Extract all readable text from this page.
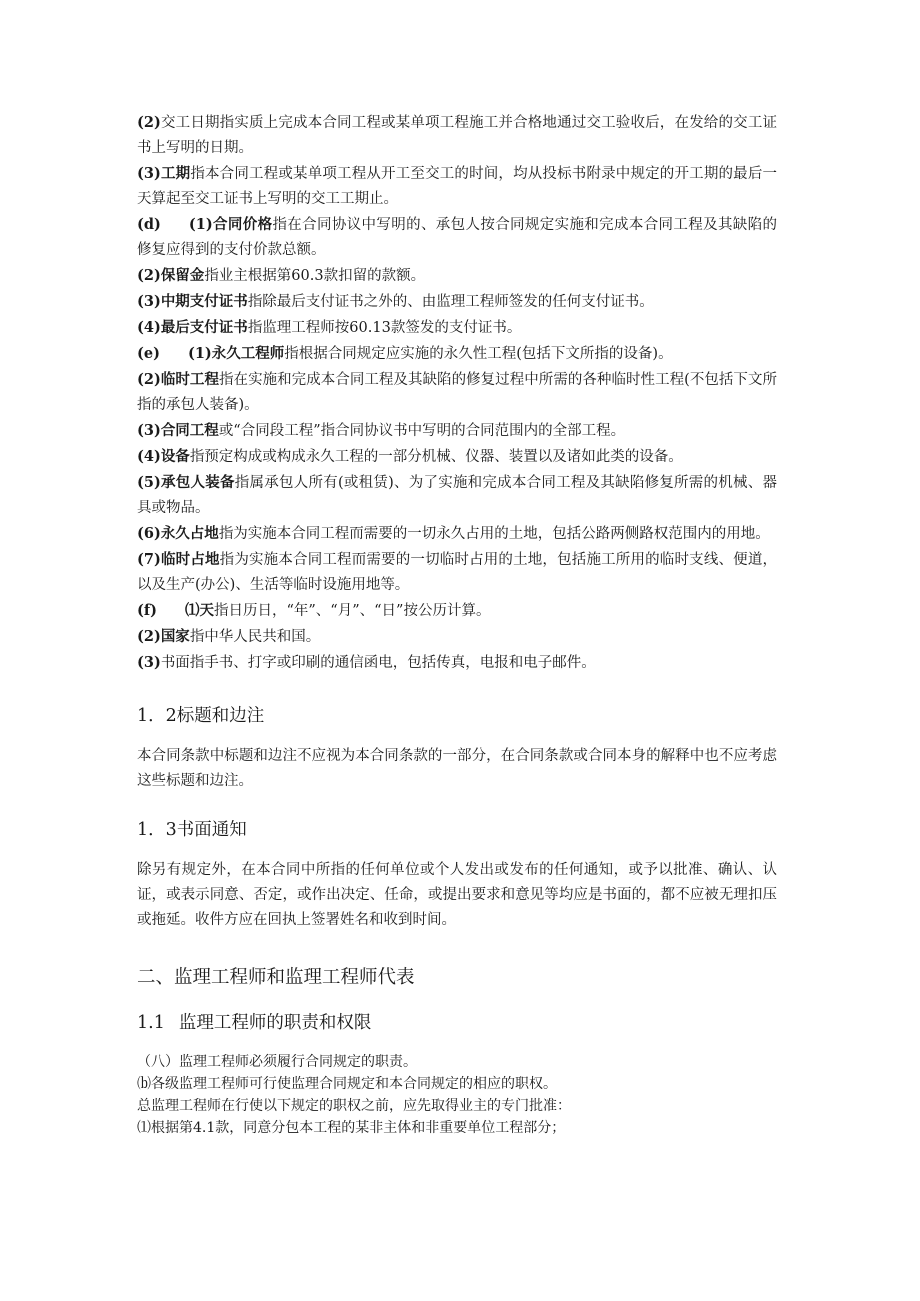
(2)交工日期指实质上完成本合同工程或某单项工程施工并合格地通过交工验收后，在发给的交工证书上写明的日期。

(3)工期指本合同工程或某单项工程从开工至交工的时间，均从投标书附录中规定的开工期的最后一天算起至交工证书上写明的交工工期止。

(d) (1)合同价格指在合同协议中写明的、承包人按合同规定实施和完成本合同工程及其缺陷的修复应得到的支付价款总额。

(2)保留金指业主根据第60.3款扣留的款额。

(3)中期支付证书指除最后支付证书之外的、由监理工程师签发的任何支付证书。

(4)最后支付证书指监理工程师按60.13款签发的支付证书。

(e) (1)永久工程师指根据合同规定应实施的永久性工程(包括下文所指的设备)。

(2)临时工程指在实施和完成本合同工程及其缺陷的修复过程中所需的各种临时性工程(不包括下文所指的承包人装备)。

(3)合同工程或“合同段工程”指合同协议书中写明的合同范围内的全部工程。

(4)设备指预定构成或构成永久工程的一部分机械、仪器、装置以及诸如此类的设备。

(5)承包人装备指属承包人所有(或租赁)、为了实施和完成本合同工程及其缺陷修复所需的机械、器具或物品。

(6)永久占地指为实施本合同工程而需要的一切永久占用的土地，包括公路两侧路权范围内的用地。

(7)临时占地指为实施本合同工程而需要的一切临时占用的土地，包括施工所用的临时支线、便道，以及生产(办公)、生活等临时设施用地等。

(f) ⑴天指日历日，“年”、“月”、“日”按公历计算。

(2)国家指中华人民共和国。

(3)书面指手书、打字或印刷的通信函电，包括传真，电报和电子邮件。

1．2标题和边注

本合同条款中标题和边注不应视为本合同条款的一部分，在合同条款或合同本身的解释中也不应考虑这些标题和边注。

1．3书面通知

除另有规定外，在本合同中所指的任何单位或个人发出或发布的任何通知，或予以批准、确认、认证，或表示同意、否定，或作出决定、任命，或提出要求和意见等均应是书面的，都不应被无理扣压或拖延。收件方应在回执上签署姓名和收到时间。

二、监理工程师和监理工程师代表
1.1 监理工程师的职责和权限

（八）监理工程师必须履行合同规定的职责。

⒝各级监理工程师可行使监理合同规定和本合同规定的相应的职权。

总监理工程师在行使以下规定的职权之前，应先取得业主的专门批准：

⑴根据第4.1款，同意分包本工程的某非主体和非重要单位工程部分；
